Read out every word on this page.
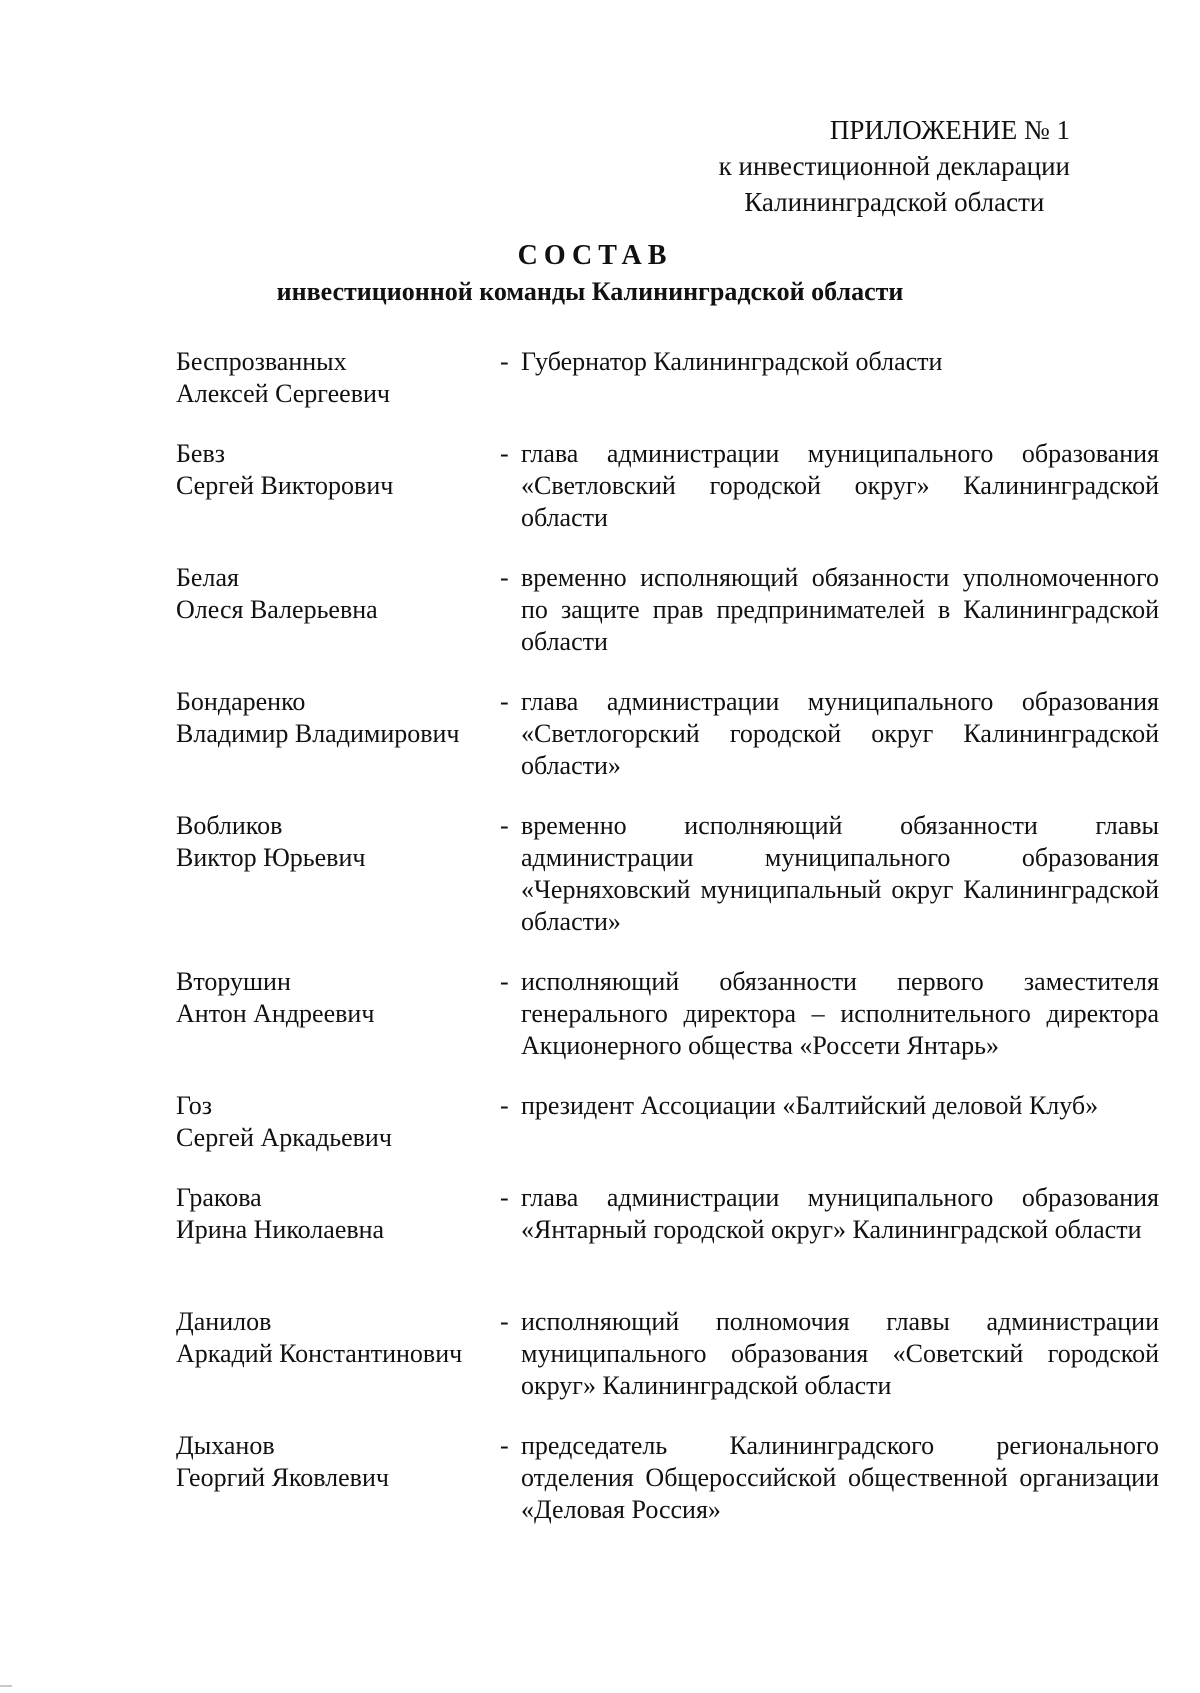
ПРИЛОЖЕНИЕ № 1
к инвестиционной декларации
Калининградской области
СОСТАВ
инвестиционной команды Калининградской области
Беспрозванных
Алексей Сергеевич
- Губернатор Калининградской области
Бевз
Сергей Викторович
- глава администрации муниципального образования «Светловский городской округ» Калининградской области
Белая
Олеся Валерьевна
- временно исполняющий обязанности уполномоченного по защите прав предпринимателей в Калининградской области
Бондаренко
Владимир Владимирович
- глава администрации муниципального образования «Светлогорский городской округ Калининградской области»
Вобликов
Виктор Юрьевич
- временно исполняющий обязанности главы администрации муниципального образования «Черняховский муниципальный округ Калининградской области»
Вторушин
Антон Андреевич
- исполняющий обязанности первого заместителя генерального директора – исполнительного директора Акционерного общества «Россети Янтарь»
Гоз
Сергей Аркадьевич
- президент Ассоциации «Балтийский деловой Клуб»
Гракова
Ирина Николаевна
- глава администрации муниципального образования «Янтарный городской округ» Калининградской области
Данилов
Аркадий Константинович
- исполняющий полномочия главы администрации муниципального образования «Советский городской округ» Калининградской области
Дыханов
Георгий Яковлевич
- председатель Калининградского регионального отделения Общероссийской общественной организации «Деловая Россия»
